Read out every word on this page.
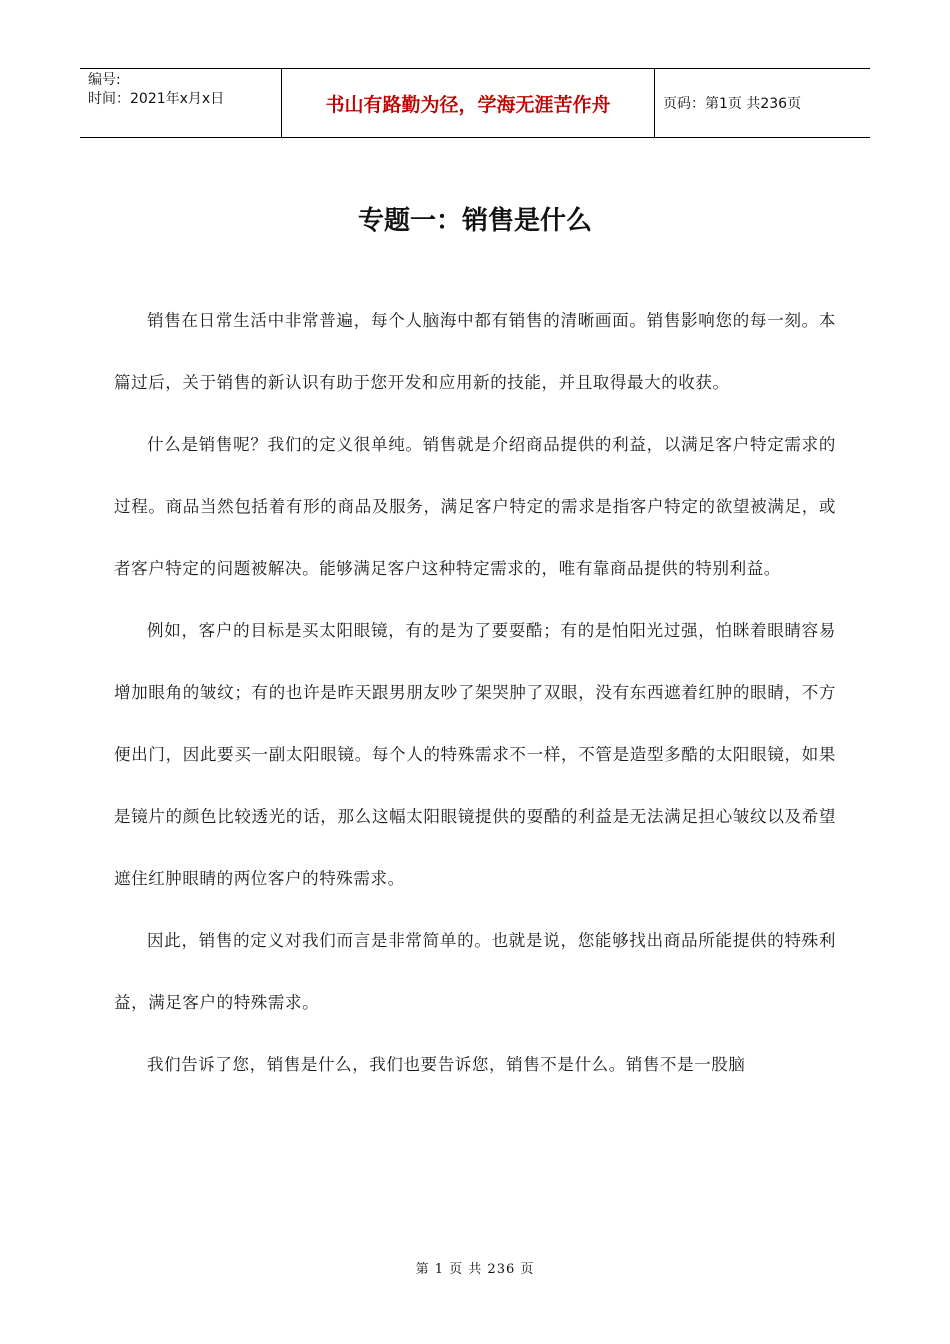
编号:
时间：2021年x月x日	书山有路勤为径，学海无涯苦作舟	页码：第1页 共236页
专题一：销售是什么

销售在日常生活中非常普遍，每个人脑海中都有销售的清晰画面。销售影响您的每一刻。本篇过后，关于销售的新认识有助于您开发和应用新的技能，并且取得最大的收获。

什么是销售呢？我们的定义很单纯。销售就是介绍商品提供的利益，以满足客户特定需求的过程。商品当然包括着有形的商品及服务，满足客户特定的需求是指客户特定的欲望被满足，或者客户特定的问题被解决。能够满足客户这种特定需求的，唯有靠商品提供的特别利益。

例如，客户的目标是买太阳眼镜，有的是为了要耍酷；有的是怕阳光过强，怕眯着眼睛容易增加眼角的皱纹；有的也许是昨天跟男朋友吵了架哭肿了双眼，没有东西遮着红肿的眼睛，不方便出门，因此要买一副太阳眼镜。每个人的特殊需求不一样，不管是造型多酷的太阳眼镜，如果是镜片的颜色比较透光的话，那么这幅太阳眼镜提供的耍酷的利益是无法满足担心皱纹以及希望遮住红肿眼睛的两位客户的特殊需求。

因此，销售的定义对我们而言是非常简单的。也就是说，您能够找出商品所能提供的特殊利益，满足客户的特殊需求。

我们告诉了您，销售是什么，我们也要告诉您，销售不是什么。销售不是一股脑

第 1 页 共 236 页
